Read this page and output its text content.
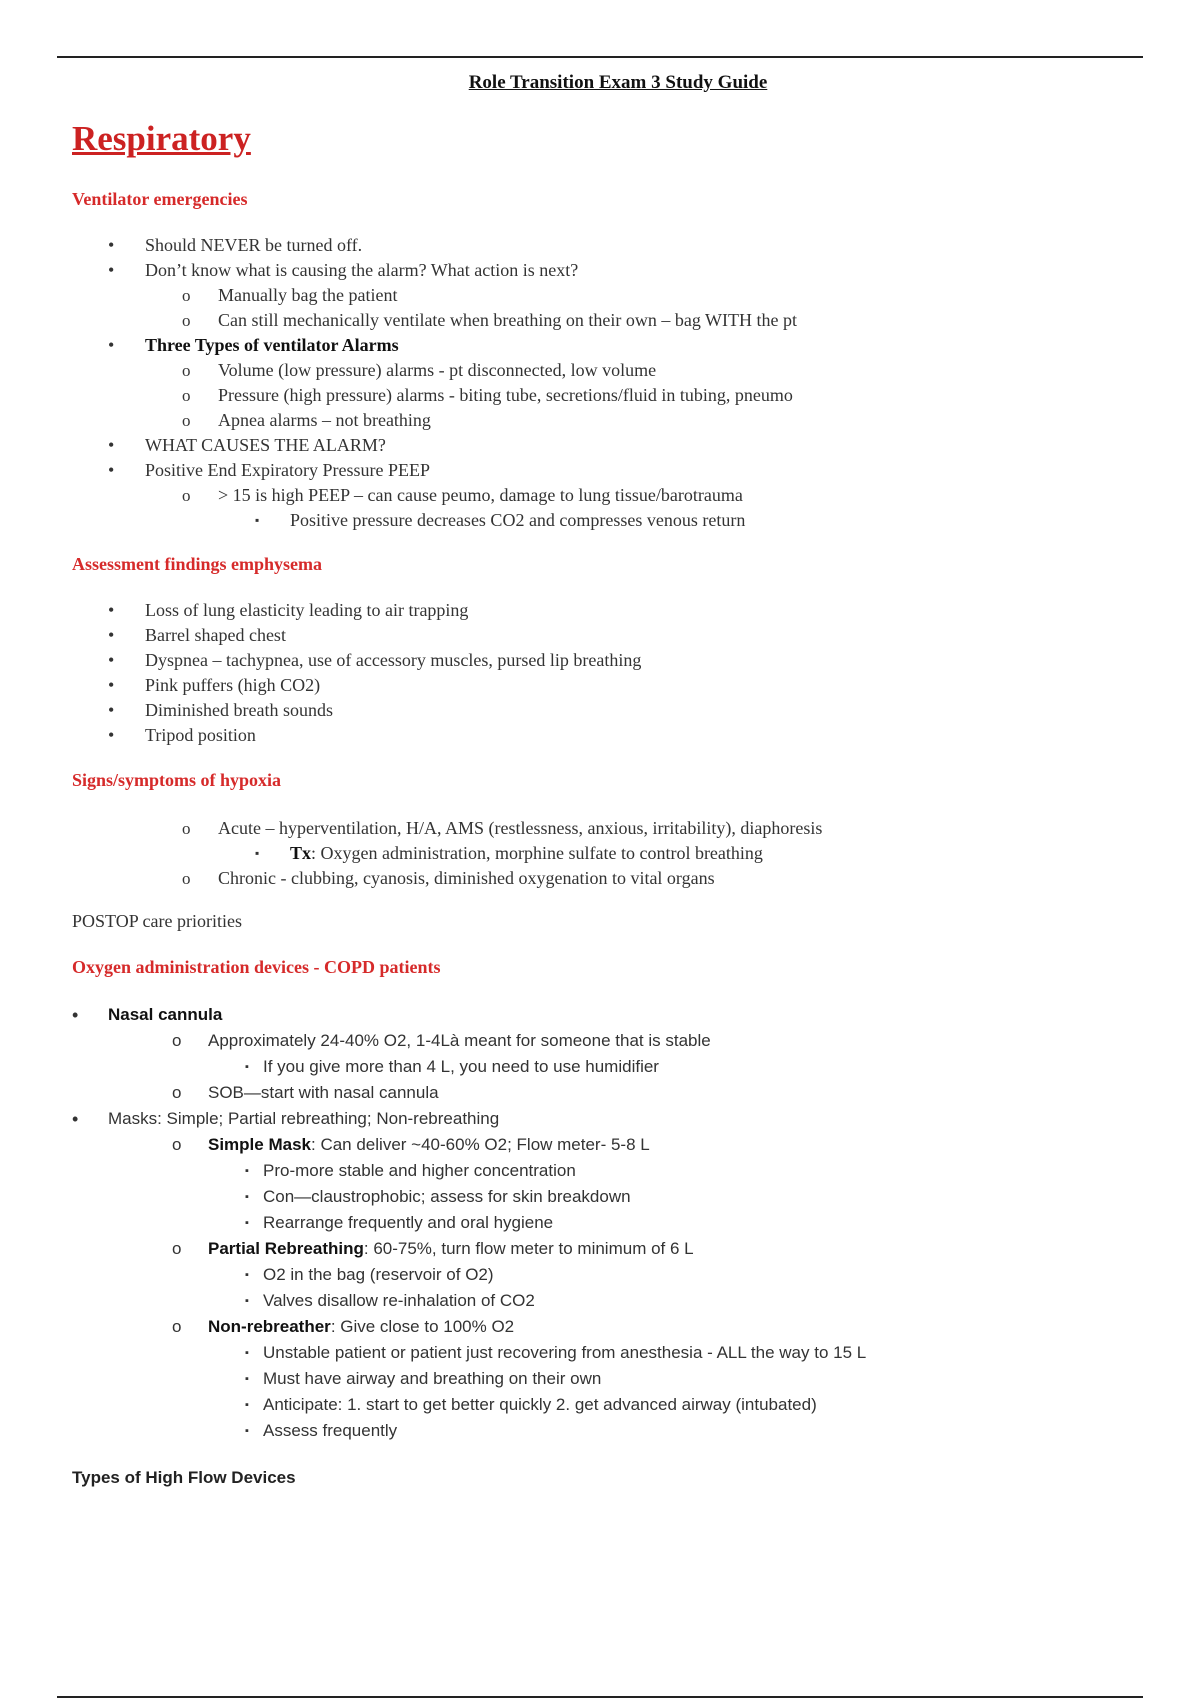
Role Transition Exam 3 Study Guide
Respiratory
Ventilator emergencies
• Should NEVER be turned off.
• Don’t know what is causing the alarm? What action is next?
o Manually bag the patient
o Can still mechanically ventilate when breathing on their own – bag WITH the pt
• Three Types of ventilator Alarms
o Volume (low pressure) alarms - pt disconnected, low volume
o Pressure (high pressure) alarms - biting tube, secretions/fluid in tubing, pneumo
o Apnea alarms – not breathing
• WHAT CAUSES THE ALARM?
• Positive End Expiratory Pressure PEEP
o > 15 is high PEEP – can cause peumo, damage to lung tissue/barotrauma
▪ Positive pressure decreases CO2 and compresses venous return
Assessment findings emphysema
• Loss of lung elasticity leading to air trapping
• Barrel shaped chest
• Dyspnea – tachypnea, use of accessory muscles, pursed lip breathing
• Pink puffers (high CO2)
• Diminished breath sounds
• Tripod position
Signs/symptoms of hypoxia
o Acute – hyperventilation, H/A, AMS (restlessness, anxious, irritability), diaphoresis
▪ Tx: Oxygen administration, morphine sulfate to control breathing
o Chronic - clubbing, cyanosis, diminished oxygenation to vital organs
POSTOP care priorities
Oxygen administration devices - COPD patients
• Nasal cannula
o Approximately 24-40% O2, 1-4Là meant for someone that is stable
▪ If you give more than 4 L, you need to use humidifier
o SOB—start with nasal cannula
• Masks: Simple; Partial rebreathing; Non-rebreathing
o Simple Mask: Can deliver ~40-60% O2; Flow meter- 5-8 L
▪ Pro-more stable and higher concentration
▪ Con—claustrophobic; assess for skin breakdown
▪ Rearrange frequently and oral hygiene
o Partial Rebreathing: 60-75%, turn flow meter to minimum of 6 L
▪ O2 in the bag (reservoir of O2)
▪ Valves disallow re-inhalation of CO2
o Non-rebreather: Give close to 100% O2
▪ Unstable patient or patient just recovering from anesthesia - ALL the way to 15 L
▪ Must have airway and breathing on their own
▪ Anticipate: 1. start to get better quickly 2. get advanced airway (intubated)
▪ Assess frequently
Types of High Flow Devices
